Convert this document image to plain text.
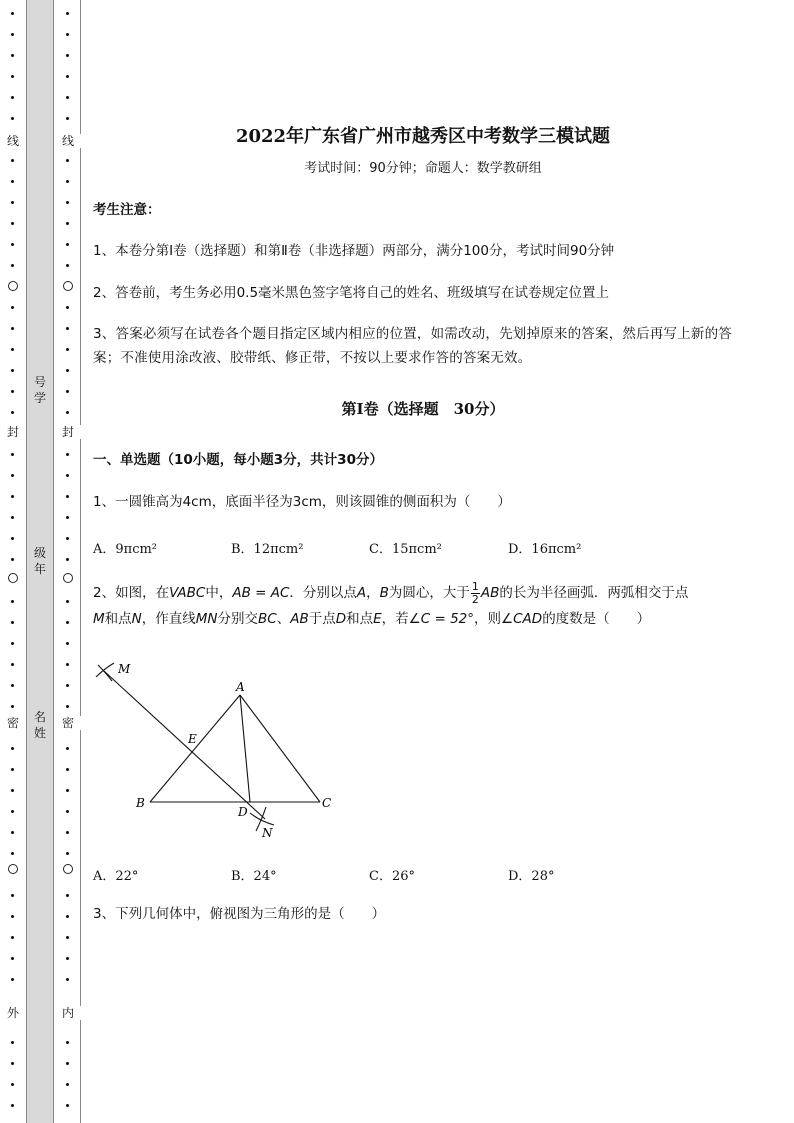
线
封
密
外
号
学
级
年
名
姓
线
封
密
内
2022年广东省广州市越秀区中考数学三模试题
考试时间：90分钟；命题人：数学教研组
考生注意：
1、本卷分第I卷（选择题）和第Ⅱ卷（非选择题）两部分，满分100分，考试时间90分钟
2、答卷前，考生务必用0.5毫米黑色签字笔将自己的姓名、班级填写在试卷规定位置上
3、答案必须写在试卷各个题目指定区域内相应的位置，如需改动，先划掉原来的答案，然后再写上新的答案；不准使用涂改液、胶带纸、修正带，不按以上要求作答的答案无效。
第I卷（选择题　30分）
一、单选题（10小题，每小题3分，共计30分）
1、一圆锥高为4cm，底面半径为3cm，则该圆锥的侧面积为（　　）
A．9πcm²	B．12πcm²	C．15πcm²	D．16πcm²
2、如图，在VABC中，AB = AC．分别以点A，B为圆心，大于 $\frac{1}{2}$ AB的长为半径画弧．两弧相交于点
M和点N，作直线MN分别交BC、AB于点D和点E，若∠C = 52°，则∠CAD的度数是（　　）
A．22°	B．24°	C．26°	D．28°
3、下列几何体中，俯视图为三角形的是（　　）
M
A
E
B
D
C
N
